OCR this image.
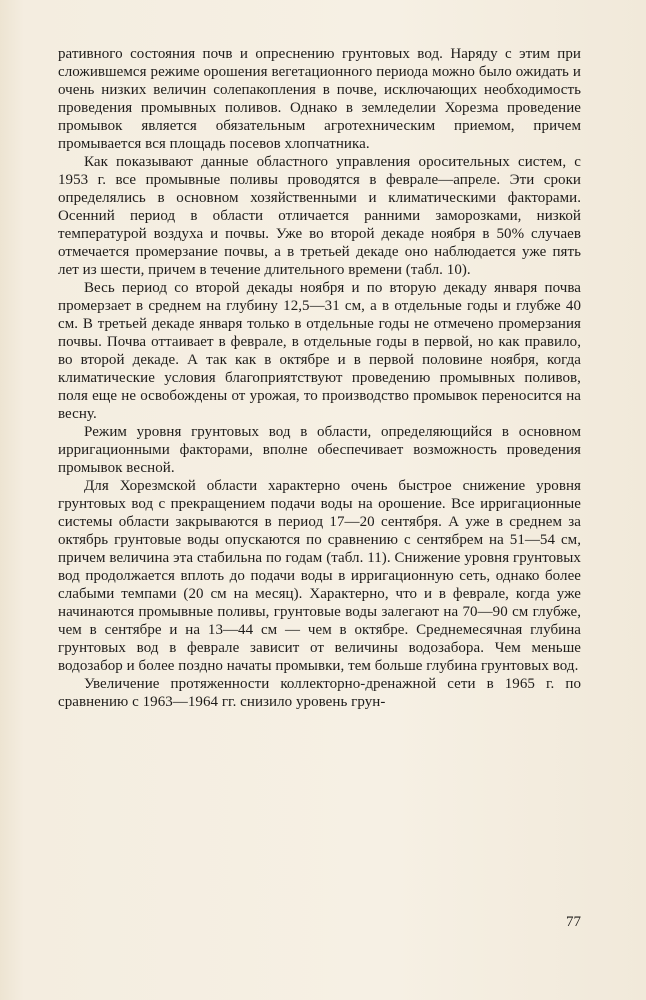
ративного состояния почв и опреснению грунтовых вод. Наряду с этим при сложившемся режиме орошения вегетационного периода можно было ожидать и очень низких величин солепакопления в почве, исключающих необходимость проведения промывных поливов. Однако в земледелии Хорезма проведение промывок является обязательным агротехническим приемом, причем промывается вся площадь посевов хлопчатника.

Как показывают данные областного управления оросительных систем, с 1953 г. все промывные поливы проводятся в феврале—апреле. Эти сроки определялись в основном хозяйственными и климатическими факторами. Осенний период в области отличается ранними заморозками, низкой температурой воздуха и почвы. Уже во второй декаде ноября в 50% случаев отмечается промерзание почвы, а в третьей декаде оно наблюдается уже пять лет из шести, причем в течение длительного времени (табл. 10).

Весь период со второй декады ноября и по вторую декаду января почва промерзает в среднем на глубину 12,5—31 см, а в отдельные годы и глубже 40 см. В третьей декаде января только в отдельные годы не отмечено промерзания почвы. Почва оттаивает в феврале, в отдельные годы в первой, но как правило, во второй декаде. А так как в октябре и в первой половине ноября, когда климатические условия благоприятствуют проведению промывных поливов, поля еще не освобождены от урожая, то производство промывок переносится на весну.

Режим уровня грунтовых вод в области, определяющийся в основном ирригационными факторами, вполне обеспечивает возможность проведения промывок весной.

Для Хорезмской области характерно очень быстрое снижение уровня грунтовых вод с прекращением подачи воды на орошение. Все ирригационные системы области закрываются в период 17—20 сентября. А уже в среднем за октябрь грунтовые воды опускаются по сравнению с сентябрем на 51—54 см, причем величина эта стабильна по годам (табл. 11). Снижение уровня грунтовых вод продолжается вплоть до подачи воды в ирригационную сеть, однако более слабыми темпами (20 см на месяц). Характерно, что и в феврале, когда уже начинаются промывные поливы, грунтовые воды залегают на 70—90 см глубже, чем в сентябре и на 13—44 см — чем в октябре. Среднемесячная глубина грунтовых вод в феврале зависит от величины водозабора. Чем меньше водозабор и более поздно начаты промывки, тем больше глубина грунтовых вод.

Увеличение протяженности коллекторно-дренажной сети в 1965 г. по сравнению с 1963—1964 гг. снизило уровень грун-

77
